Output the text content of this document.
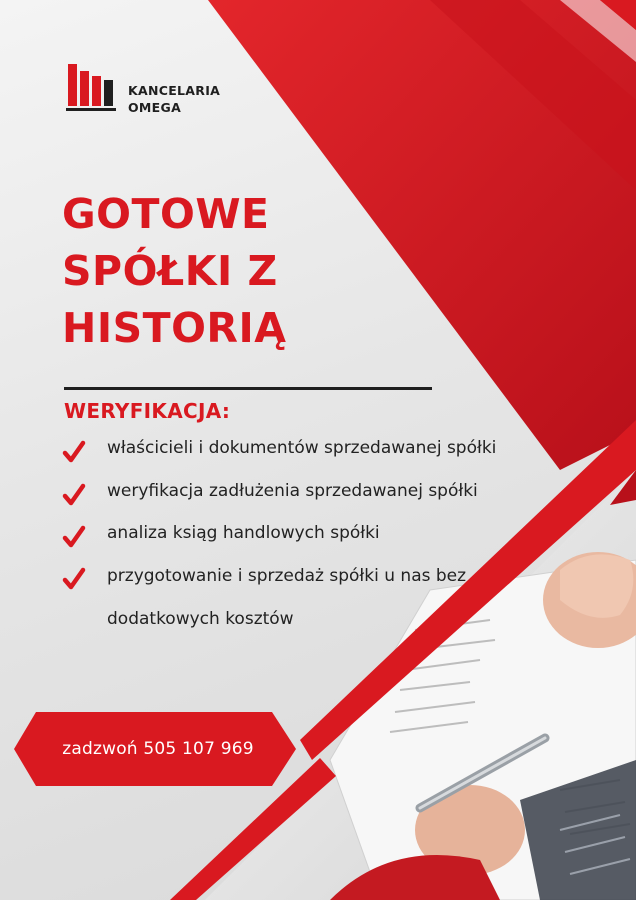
KANCELARIA
OMEGA
GOTOWE
SPÓŁKI Z
HISTORIĄ
WERYFIKACJA:
właścicieli i dokumentów sprzedawanej spółki
weryfikacja zadłużenia sprzedawanej spółki
analiza ksiąg handlowych spółki
przygotowanie i sprzedaż spółki u nas bez
dodatkowych kosztów
zadzwoń 505 107 969
